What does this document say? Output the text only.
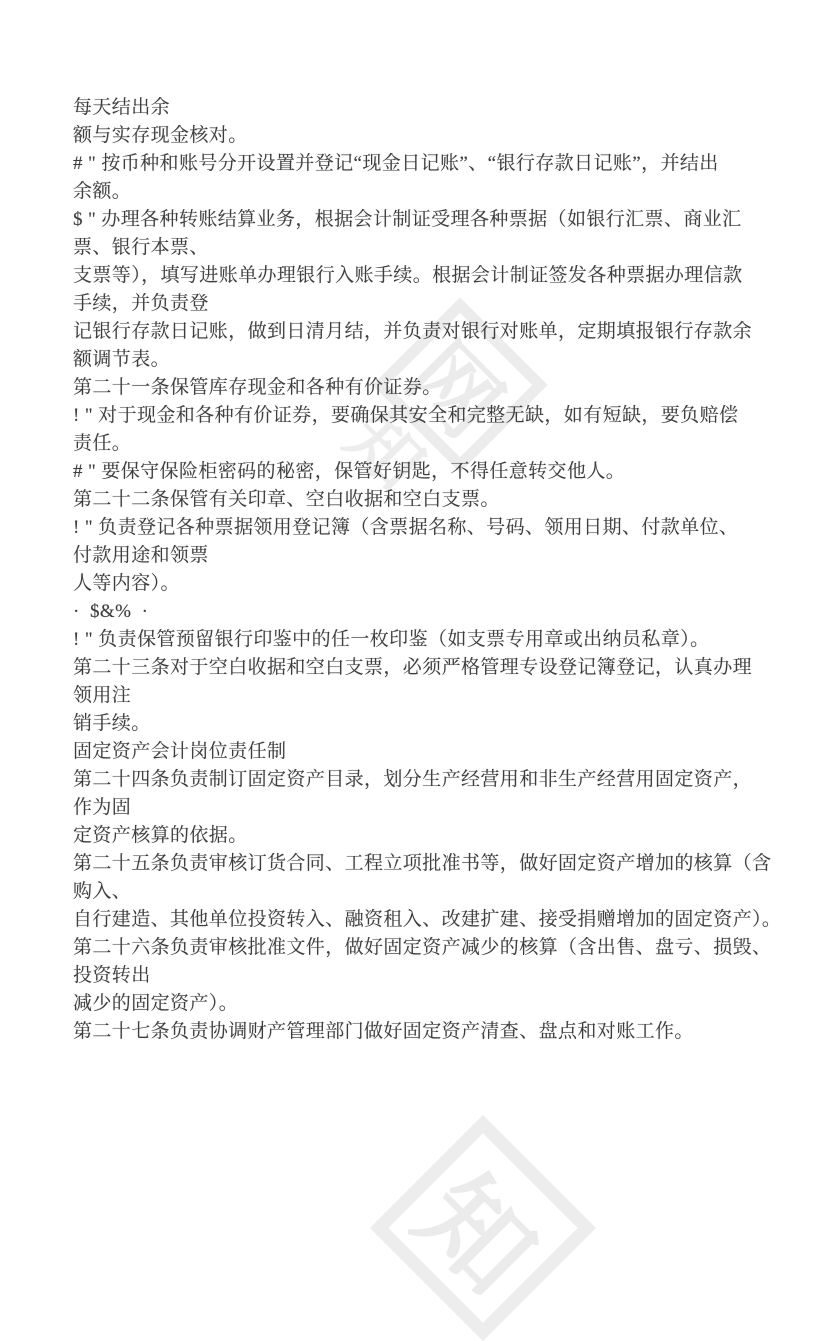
知
网
知
每天结出余
额与实存现金核对。
# " 按币种和账号分开设置并登记“现金日记账”、“银行存款日记账”，并结出
余额。
$ " 办理各种转账结算业务，根据会计制证受理各种票据（如银行汇票、商业汇
票、银行本票、
支票等），填写进账单办理银行入账手续。根据会计制证签发各种票据办理信款
手续，并负责登
记银行存款日记账，做到日清月结，并负责对银行对账单，定期填报银行存款余
额调节表。
第二十一条保管库存现金和各种有价证券。
! " 对于现金和各种有价证券，要确保其安全和完整无缺，如有短缺，要负赔偿
责任。
# " 要保守保险柜密码的秘密，保管好钥匙，不得任意转交他人。
第二十二条保管有关印章、空白收据和空白支票。
! " 负责登记各种票据领用登记簿（含票据名称、号码、领用日期、付款单位、
付款用途和领票
人等内容）。
·  $&%  ·
! " 负责保管预留银行印鉴中的任一枚印鉴（如支票专用章或出纳员私章）。
第二十三条对于空白收据和空白支票，必须严格管理专设登记簿登记，认真办理
领用注
销手续。
固定资产会计岗位责任制
第二十四条负责制订固定资产目录，划分生产经营用和非生产经营用固定资产，
作为固
定资产核算的依据。
第二十五条负责审核订货合同、工程立项批准书等，做好固定资产增加的核算（含
购入、
自行建造、其他单位投资转入、融资租入、改建扩建、接受捐赠增加的固定资产）。
第二十六条负责审核批准文件，做好固定资产减少的核算（含出售、盘亏、损毁、
投资转出
减少的固定资产）。
第二十七条负责协调财产管理部门做好固定资产清查、盘点和对账工作。
